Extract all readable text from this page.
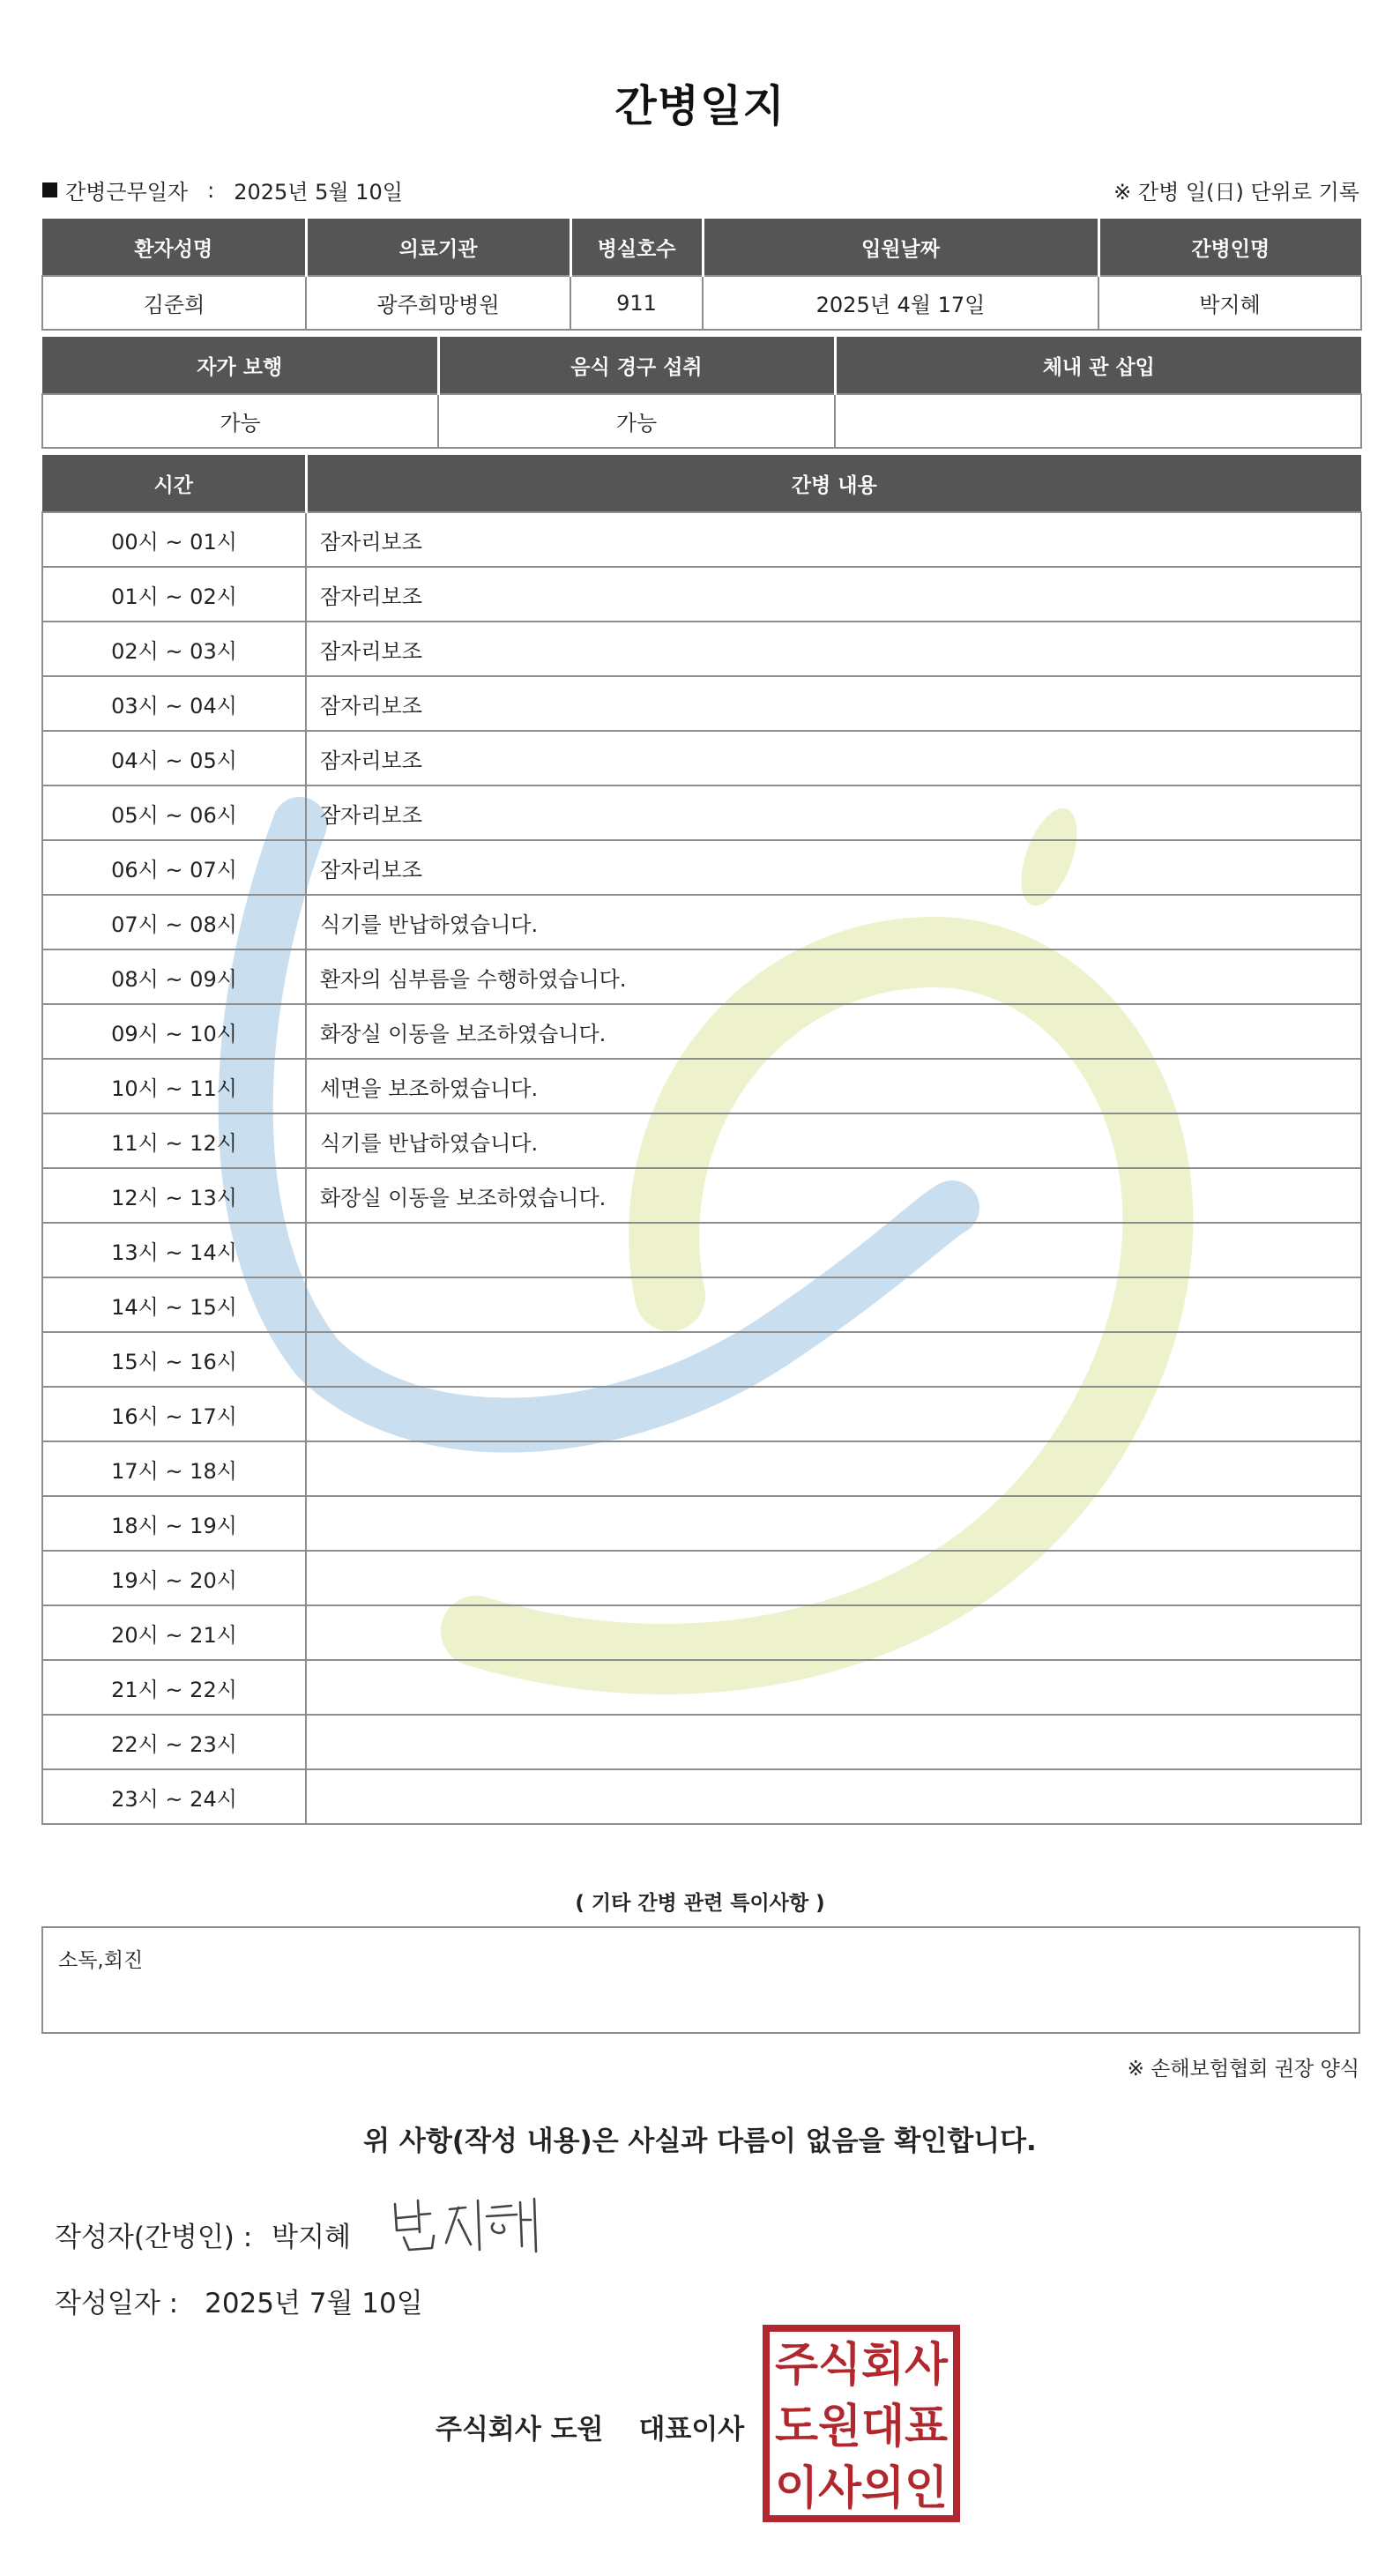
간병일지
간병근무일자 : 2025년 5월 10일	※ 간병 일(日) 단위로 기록
환자성명	의료기관	병실호수	입원날짜	간병인명
김준희	광주희망병원	911	2025년 4월 17일	박지혜
자가 보행	음식 경구 섭취	체내 관 삽입
가능	가능	
시간	간병 내용
00시 ~ 01시	잠자리보조
01시 ~ 02시	잠자리보조
02시 ~ 03시	잠자리보조
03시 ~ 04시	잠자리보조
04시 ~ 05시	잠자리보조
05시 ~ 06시	잠자리보조
06시 ~ 07시	잠자리보조
07시 ~ 08시	식기를 반납하였습니다.
08시 ~ 09시	환자의 심부름을 수행하였습니다.
09시 ~ 10시	화장실 이동을 보조하였습니다.
10시 ~ 11시	세면을 보조하였습니다.
11시 ~ 12시	식기를 반납하였습니다.
12시 ~ 13시	화장실 이동을 보조하였습니다.
13시 ~ 14시	
14시 ~ 15시	
15시 ~ 16시	
16시 ~ 17시	
17시 ~ 18시	
18시 ~ 19시	
19시 ~ 20시	
20시 ~ 21시	
21시 ~ 22시	
22시 ~ 23시	
23시 ~ 24시	
( 기타 간병 관련 특이사항 )
소독,회진
※ 손해보험협회 권장 양식
위 사항(작성 내용)은 사실과 다름이 없음을 확인합니다.
작성자(간병인) : 박지혜
작성일자 : 2025년 7월 10일
주식회사 도원 대표이사
주식회사
도원대표
이사의인
